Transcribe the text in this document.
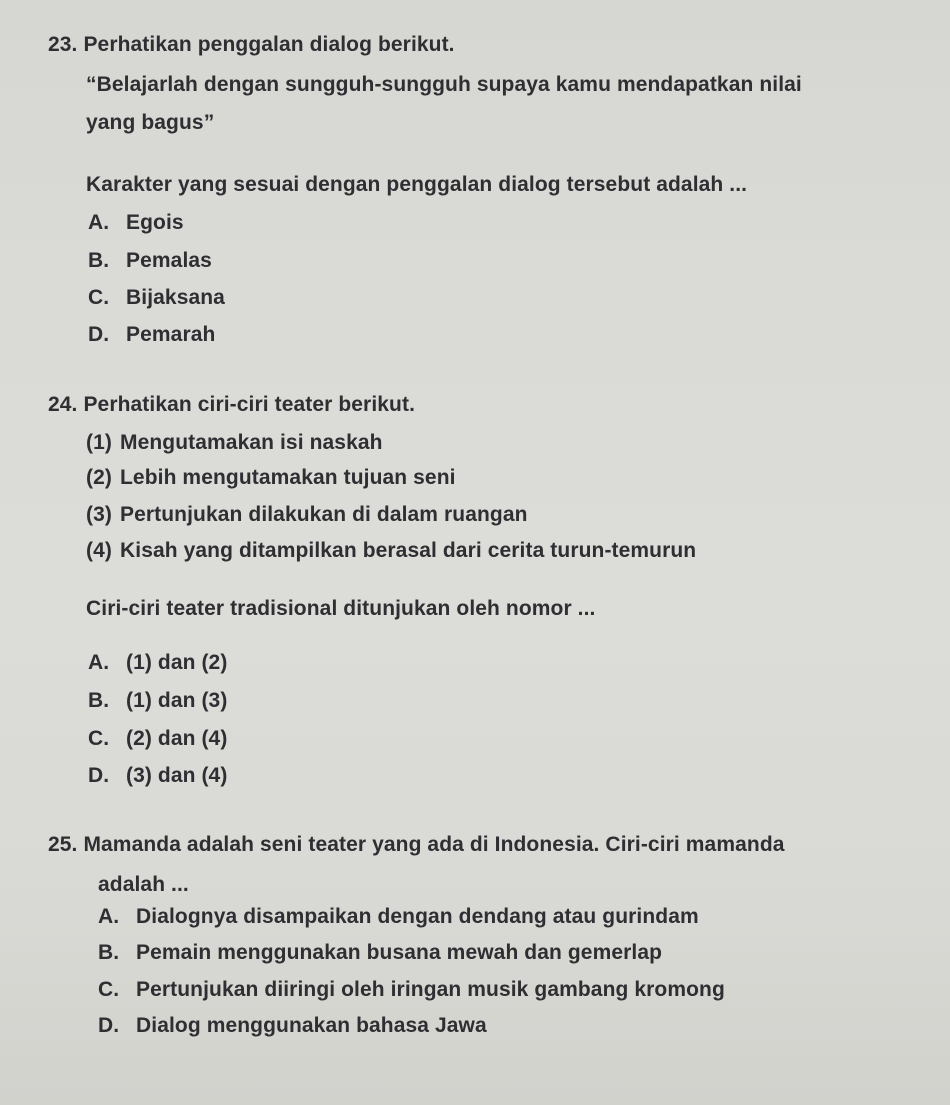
23. Perhatikan penggalan dialog berikut.
“Belajarlah dengan sungguh-sungguh supaya kamu mendapatkan nilai
yang bagus”
Karakter yang sesuai dengan penggalan dialog tersebut adalah ...
A. Egois
B. Pemalas
C. Bijaksana
D. Pemarah
24. Perhatikan ciri-ciri teater berikut.
(1) Mengutamakan isi naskah
(2) Lebih mengutamakan tujuan seni
(3) Pertunjukan dilakukan di dalam ruangan
(4) Kisah yang ditampilkan berasal dari cerita turun-temurun
Ciri-ciri teater tradisional ditunjukan oleh nomor ...
A. (1) dan (2)
B. (1) dan (3)
C. (2) dan (4)
D. (3) dan (4)
25. Mamanda adalah seni teater yang ada di Indonesia. Ciri-ciri mamanda
adalah ...
A. Dialognya disampaikan dengan dendang atau gurindam
B. Pemain menggunakan busana mewah dan gemerlap
C. Pertunjukan diiringi oleh iringan musik gambang kromong
D. Dialog menggunakan bahasa Jawa
